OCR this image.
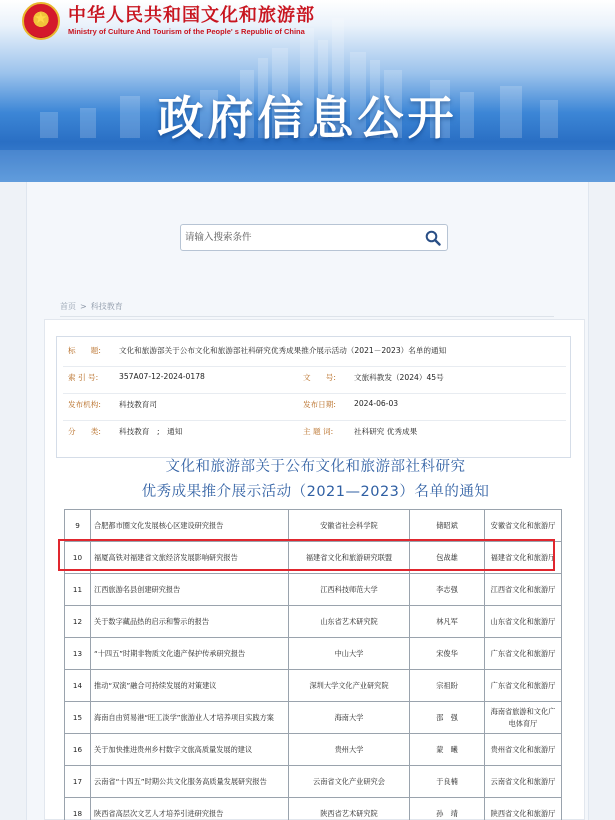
★
中华人民共和国文化和旅游部
Ministry of Culture And Tourism of the People' s Republic of China
政府信息公开
请输入搜索条件
首页 > 科技教育
标　　题: 文化和旅游部关于公布文化和旅游部社科研究优秀成果推介展示活动（2021－2023）名单的通知
索 引 号:	357A07-12-2024-0178	文　　号: 文旅科教发（2024）45号
发布机构: 科技教育司	发布日期: 2024-06-03
分　　类: 科技教育　;　通知	主 题 词:	社科研究 优秀成果
文化和旅游部关于公布文化和旅游部社科研究
优秀成果推介展示活动（2021—2023）名单的通知
9	合肥都市圈文化发展核心区建设研究报告	安徽省社会科学院	储昭斌	安徽省文化和旅游厅
10	福厦高铁对福建省文旅经济发展影响研究报告	福建省文化和旅游研究联盟	包战雄	福建省文化和旅游厅
11	江西旅游名县创建研究报告	江西科技师范大学	李志强	江西省文化和旅游厅
12	关于数字藏品热的启示和警示的报告	山东省艺术研究院	林凡军	山东省文化和旅游厅
13	“十四五”时期非物质文化遗产保护传承研究报告	中山大学	宋俊华	广东省文化和旅游厅
14	推动“双演”融合可持续发展的对策建议	深圳大学文化产业研究院	宗祖盼	广东省文化和旅游厅
15	海南自由贸易港“旺工淡学”旅游业人才培养项目实践方案	海南大学	邵　强	海南省旅游和文化广电体育厅
16	关于加快推进贵州乡村数字文旅高质量发展的建议	贵州大学	蒙　曦	贵州省文化和旅游厅
17	云南省“十四五”时期公共文化服务高质量发展研究报告	云南省文化产业研究会	于良楠	云南省文化和旅游厅
18	陕西省高层次文艺人才培养引进研究报告	陕西省艺术研究院	孙　靖	陕西省文化和旅游厅
